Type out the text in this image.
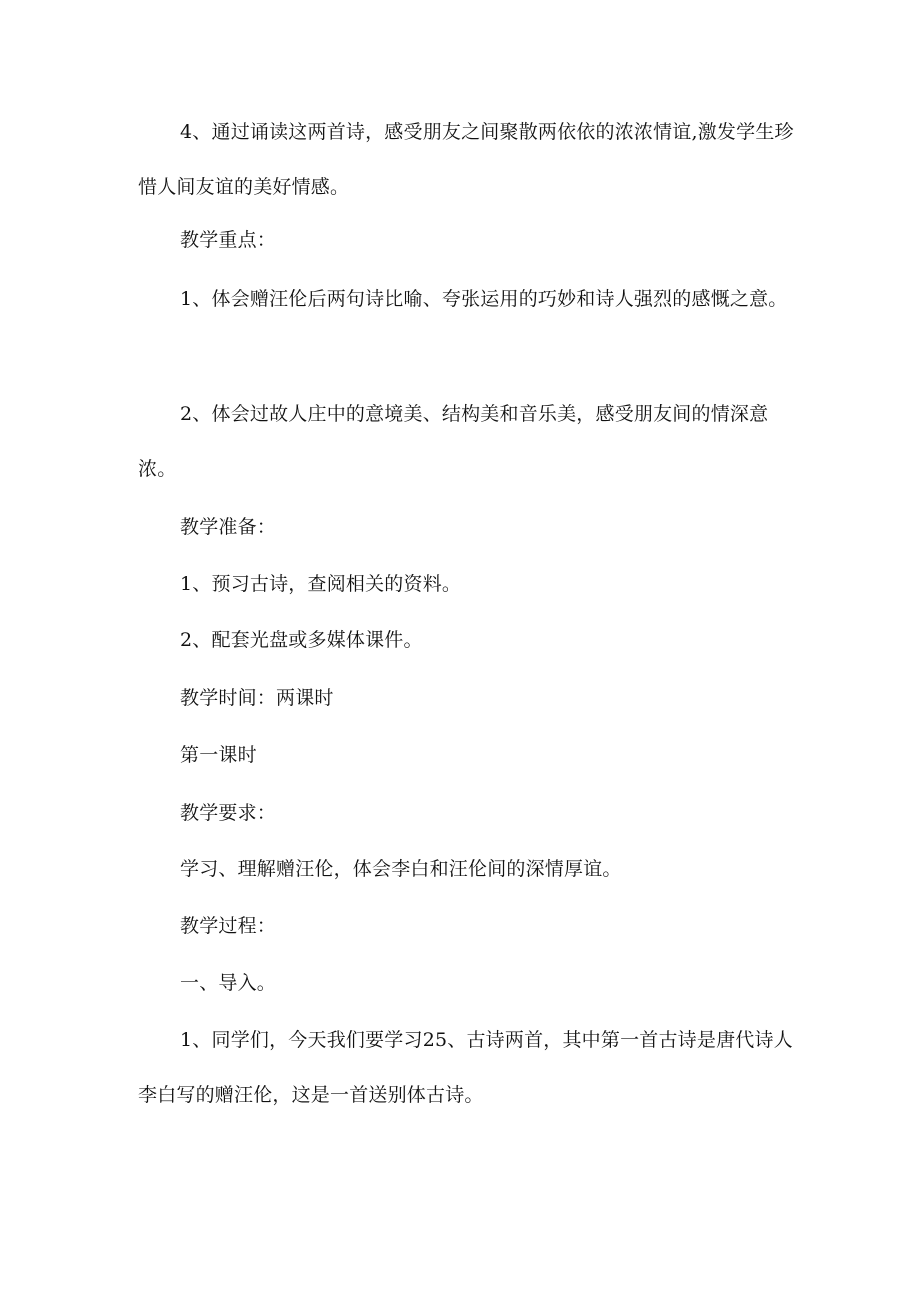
4、通过诵读这两首诗，感受朋友之间聚散两依依的浓浓情谊,激发学生珍惜人间友谊的美好情感。

教学重点：

1、体会赠汪伦后两句诗比喻、夸张运用的巧妙和诗人强烈的感慨之意。

2、体会过故人庄中的意境美、结构美和音乐美，感受朋友间的情深意浓。

教学准备：

1、预习古诗，查阅相关的资料。

2、配套光盘或多媒体课件。

教学时间：两课时

第一课时

教学要求：

学习、理解赠汪伦，体会李白和汪伦间的深情厚谊。

教学过程：

一、导入。

1、同学们，今天我们要学习25、古诗两首，其中第一首古诗是唐代诗人李白写的赠汪伦，这是一首送别体古诗。
